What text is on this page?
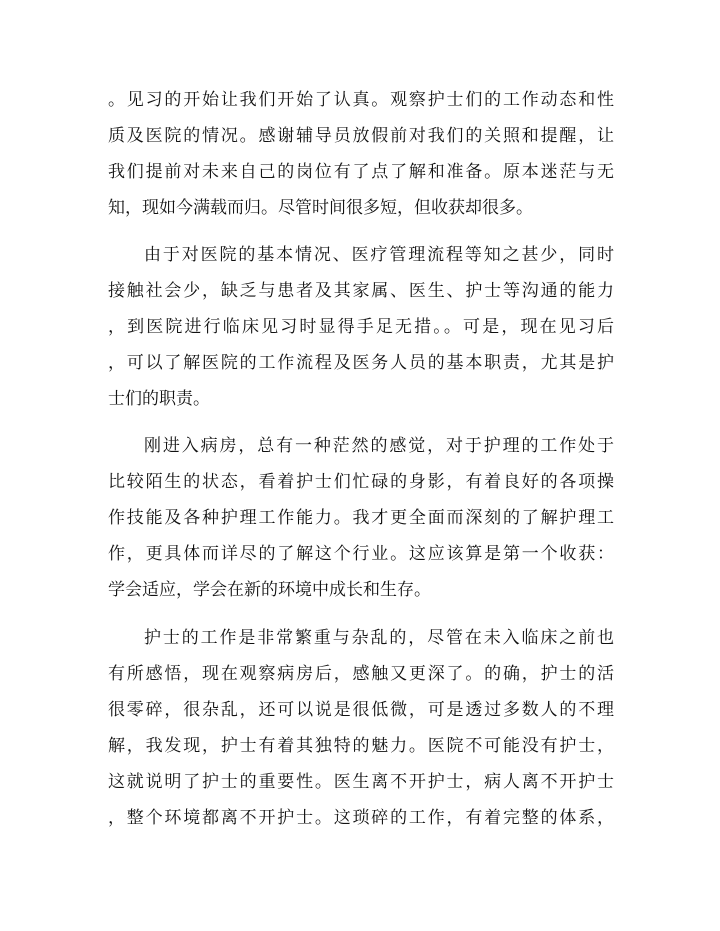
。见习的开始让我们开始了认真。观察护士们的工作动态和性
质及医院的情况。感谢辅导员放假前对我们的关照和提醒，让
我们提前对未来自己的岗位有了点了解和准备。原本迷茫与无
知，现如今满载而归。尽管时间很多短，但收获却很多。
由于对医院的基本情况、医疗管理流程等知之甚少，同时
接触社会少，缺乏与患者及其家属、医生、护士等沟通的能力
，到医院进行临床见习时显得手足无措。。可是，现在见习后
，可以了解医院的工作流程及医务人员的基本职责，尤其是护
士们的职责。
刚进入病房，总有一种茫然的感觉，对于护理的工作处于
比较陌生的状态，看着护士们忙碌的身影，有着良好的各项操
作技能及各种护理工作能力。我才更全面而深刻的了解护理工
作，更具体而详尽的了解这个行业。这应该算是第一个收获：
学会适应，学会在新的环境中成长和生存。
护士的工作是非常繁重与杂乱的，尽管在未入临床之前也
有所感悟，现在观察病房后，感触又更深了。的确，护士的活
很零碎，很杂乱，还可以说是很低微，可是透过多数人的不理
解，我发现，护士有着其独特的魅力。医院不可能没有护士，
这就说明了护士的重要性。医生离不开护士，病人离不开护士
，整个环境都离不开护士。这琐碎的工作，有着完整的体系，
